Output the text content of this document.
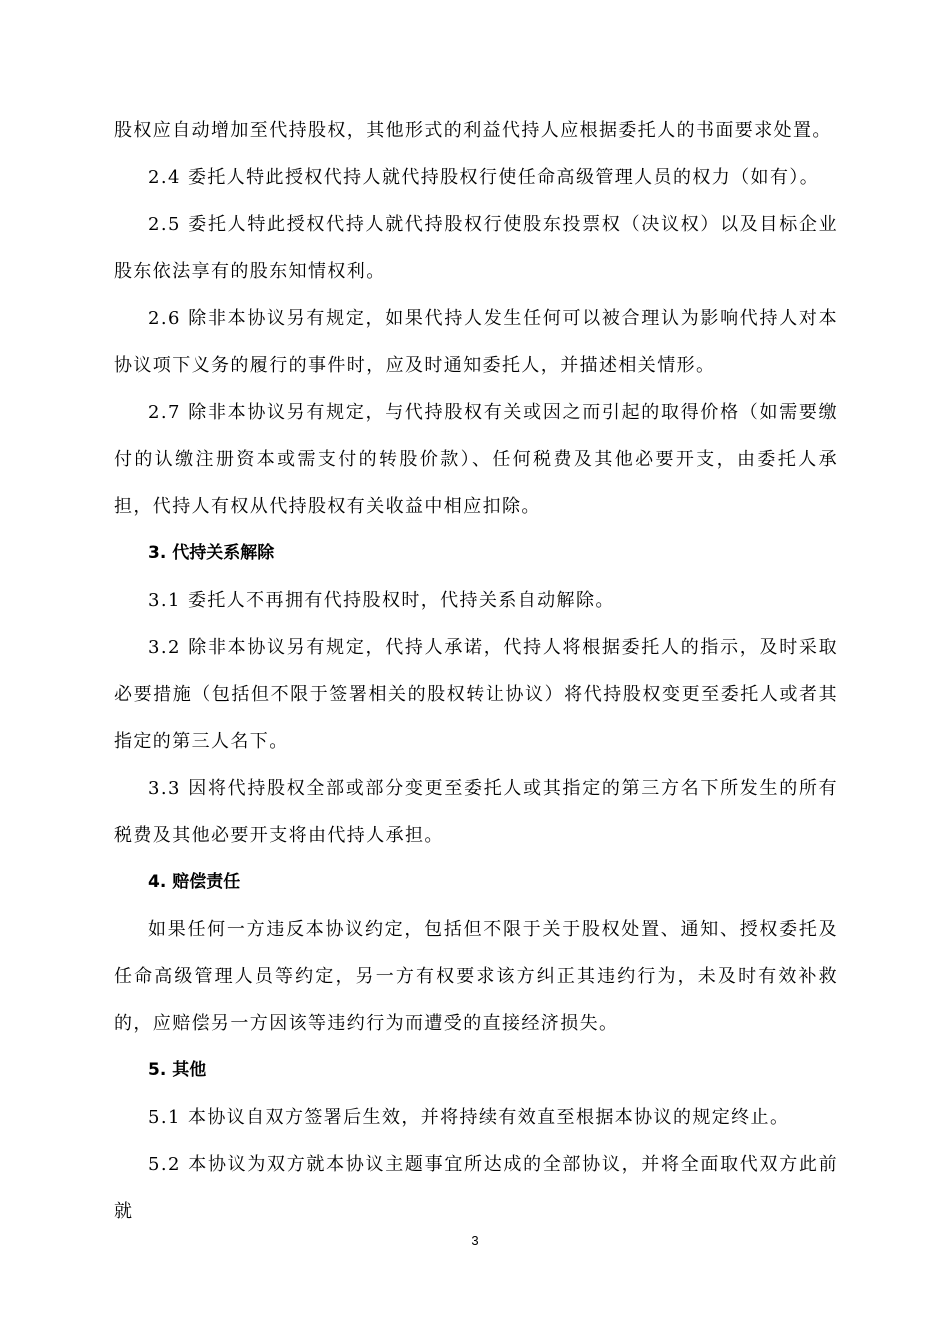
股权应自动增加至代持股权，其他形式的利益代持人应根据委托人的书面要求处置。

2.4 委托人特此授权代持人就代持股权行使任命高级管理人员的权力（如有）。

2.5 委托人特此授权代持人就代持股权行使股东投票权（决议权）以及目标企业股东依法享有的股东知情权利。

2.6 除非本协议另有规定，如果代持人发生任何可以被合理认为影响代持人对本协议项下义务的履行的事件时，应及时通知委托人，并描述相关情形。

2.7 除非本协议另有规定，与代持股权有关或因之而引起的取得价格（如需要缴付的认缴注册资本或需支付的转股价款）、任何税费及其他必要开支，由委托人承担，代持人有权从代持股权有关收益中相应扣除。

3. 代持关系解除

3.1 委托人不再拥有代持股权时，代持关系自动解除。

3.2 除非本协议另有规定，代持人承诺，代持人将根据委托人的指示，及时采取必要措施（包括但不限于签署相关的股权转让协议）将代持股权变更至委托人或者其指定的第三人名下。

3.3 因将代持股权全部或部分变更至委托人或其指定的第三方名下所发生的所有税费及其他必要开支将由代持人承担。

4. 赔偿责任

如果任何一方违反本协议约定，包括但不限于关于股权处置、通知、授权委托及任命高级管理人员等约定，另一方有权要求该方纠正其违约行为，未及时有效补救的，应赔偿另一方因该等违约行为而遭受的直接经济损失。

5. 其他

5.1 本协议自双方签署后生效，并将持续有效直至根据本协议的规定终止。

5.2 本协议为双方就本协议主题事宜所达成的全部协议，并将全面取代双方此前就

3
